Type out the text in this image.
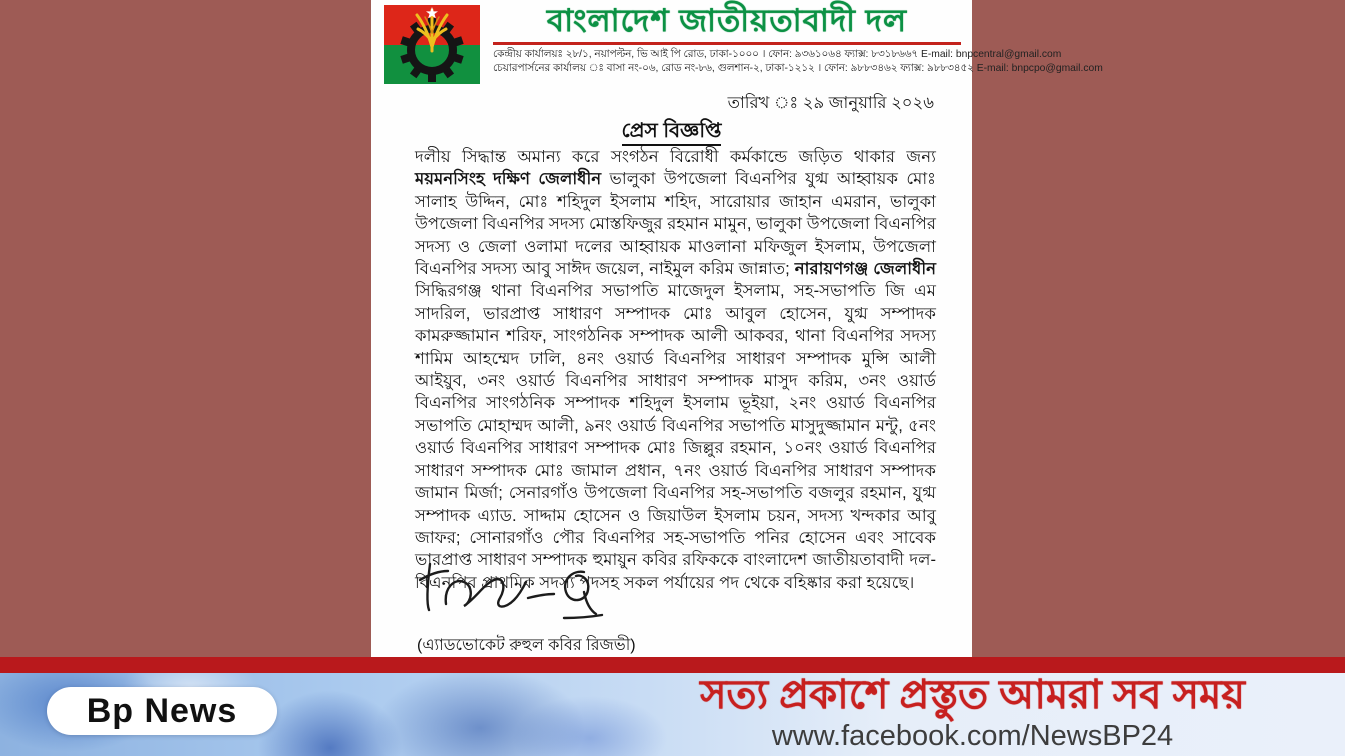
বাংলাদেশ জাতীয়তাবাদী দল
কেন্দ্রীয় কার্যালয়ঃ ২৮/১, নয়াপল্টন, ভি আই পি রোড, ঢাকা-১০০০ । ফোন: ৯৩৬১০৬৪ ফ্যাক্স: ৮৩১৮৬৬৭ E-mail: bnpcentral@gmail.com
চেয়ারপার্সনের কার্যালয় ঃ বাসা নং-০৬, রোড নং-৮৬, গুলশান-২, ঢাকা-১২১২ । ফোন: ৯৮৮৩৪৬২ ফ্যাক্স: ৯৮৮৩৪৫২ E-mail: bnpcpo@gmail.com
তারিখ ঃ ২৯ জানুয়ারি ২০২৬
প্রেস বিজ্ঞপ্তি

দলীয় সিদ্ধান্ত অমান্য করে সংগঠন বিরোধী কর্মকান্ডে জড়িত থাকার জন্য ময়মনসিংহ দক্ষিণ জেলাধীন ভালুকা উপজেলা বিএনপির যুগ্ম আহ্বায়ক মোঃ সালাহ উদ্দিন, মোঃ শহিদুল ইসলাম শহিদ, সারোয়ার জাহান এমরান, ভালুকা উপজেলা বিএনপির সদস্য মোস্তফিজুর রহমান মামুন, ভালুকা উপজেলা বিএনপির সদস্য ও জেলা ওলামা দলের আহ্বায়ক মাওলানা মফিজুল ইসলাম, উপজেলা বিএনপির সদস্য আবু সাঈদ জয়েল, নাইমুল করিম জান্নাত; নারায়ণগঞ্জ জেলাধীন সিদ্ধিরগঞ্জ থানা বিএনপির সভাপতি মাজেদুল ইসলাম, সহ-সভাপতি জি এম সাদরিল, ভারপ্রাপ্ত সাধারণ সম্পাদক মোঃ আবুল হোসেন, যুগ্ম সম্পাদক কামরুজ্জামান শরিফ, সাংগঠনিক সম্পাদক আলী আকবর, থানা বিএনপির সদস্য শামিম আহম্মেদ ঢালি, ৪নং ওয়ার্ড বিএনপির সাধারণ সম্পাদক মুন্সি আলী আইয়ুব, ৩নং ওয়ার্ড বিএনপির সাধারণ সম্পাদক মাসুদ করিম, ৩নং ওয়ার্ড বিএনপির সাংগঠনিক সম্পাদক শহিদুল ইসলাম ভূইয়া, ২নং ওয়ার্ড বিএনপির সভাপতি মোহাম্মদ আলী, ৯নং ওয়ার্ড বিএনপির সভাপতি মাসুদুজ্জামান মন্টু, ৫নং ওয়ার্ড বিএনপির সাধারণ সম্পাদক মোঃ জিল্লুর রহমান, ১০নং ওয়ার্ড বিএনপির সাধারণ সম্পাদক মোঃ জামাল প্রধান, ৭নং ওয়ার্ড বিএনপির সাধারণ সম্পাদক জামান মির্জা; সেনারগাঁও উপজেলা বিএনপির সহ-সভাপতি বজলুর রহমান, যুগ্ম সম্পাদক এ্যাড. সাদ্দাম হোসেন ও জিয়াউল ইসলাম চয়ন, সদস্য খন্দকার আবু জাফর; সোনারগাঁও পৌর বিএনপির সহ-সভাপতি পনির হোসেন এবং সাবেক ভারপ্রাপ্ত সাধারণ সম্পাদক হুমায়ুন কবির রফিককে বাংলাদেশ জাতীয়তাবাদী দল-বিএনপির প্রাথমিক সদস্য পদসহ সকল পর্যায়ের পদ থেকে বহিষ্কার করা হয়েছে।

(এ্যাডভোকেট রুহুল কবির রিজভী)
Bp News	সত্য প্রকাশে প্রস্তুত আমরা সব সময়
www.facebook.com/NewsBP24
